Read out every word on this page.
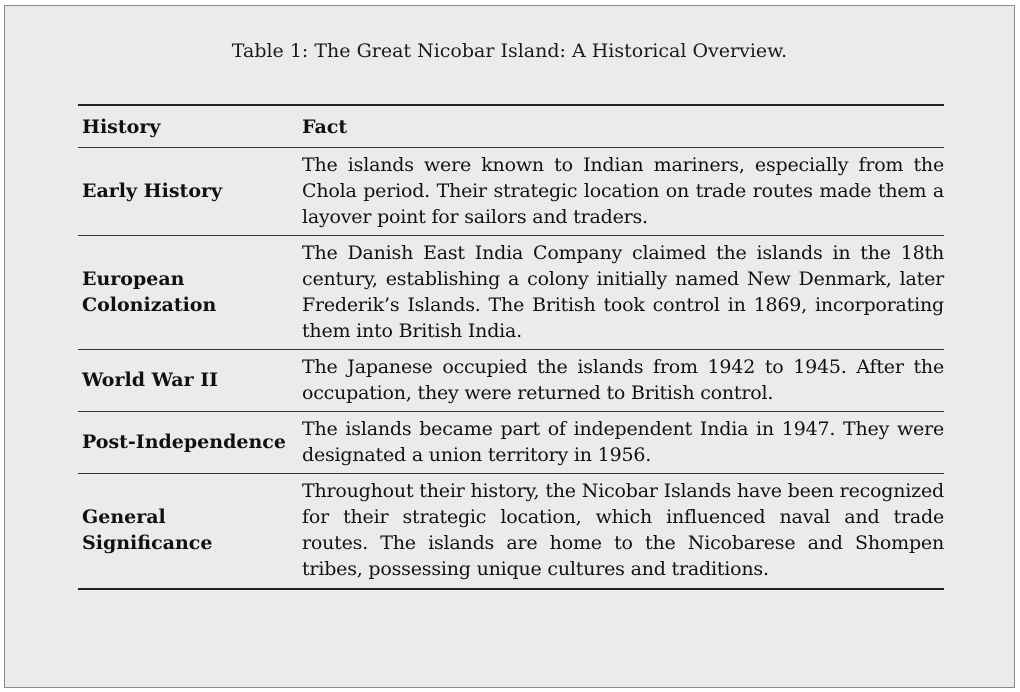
Table 1: The Great Nicobar Island: A Historical Overview.
History	Fact
Early History	The islands were known to Indian mariners, especially from the Chola period. Their strategic location on trade routes made them a layover point for sailors and traders.
European Colonization	The Danish East India Company claimed the islands in the 18th century, establishing a colony initially named New Denmark, later Frederik’s Islands. The British took control in 1869, incorporating them into British India.
World War II	The Japanese occupied the islands from 1942 to 1945. After the occupation, they were returned to British control.
Post-Independence	The islands became part of independent India in 1947. They were designated a union territory in 1956.
General Significance	Throughout their history, the Nicobar Islands have been recognized for their strategic location, which influenced naval and trade routes. The islands are home to the Nicobarese and Shompen tribes, possessing unique cultures and traditions.
